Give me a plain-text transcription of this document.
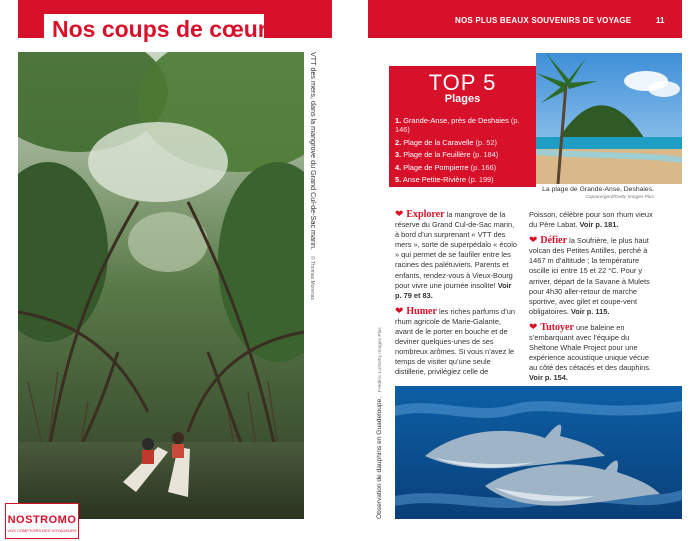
Nos coups de cœur
VTT des mers, dans la mangrove du Grand Cul-de-Sac marin. © Thomas Morenas
NOS PLUS BEAUX SOUVENIRS DE VOYAGE	11
TOP 5
Plages
1. Grande-Anse, près de Deshaies (p. 146)
2. Plage de la Caravelle (p. 52)
3. Plage de la Feuillère (p. 184)
4. Plage de Pompierre (p. 166)
5. Anse Petite-Rivière (p. 199)
La plage de Grande-Anse, Deshaies.
Capture/gerd/Getty Images Plus

❤ Explorer la mangrove de la réserve du Grand Cul-de-Sac marin, à bord d’un surprenant « VTT des mers », sorte de superpédalo « écolo » qui permet de se faufiler entre les racines des palétuviers. Parents et enfants, rendez-vous à Vieux-Bourg pour vivre une journée insolite! Voir p. 79 et 83.

❤ Humer les riches parfums d’un rhum agricole de Marie-Galante, avant de le porter en bouche et de deviner quelques-unes de ses nombreux arômes. Si vous n’avez le temps de visiter qu’une seule distillerie, privilégiez celle de

Poisson, célèbre pour son rhum vieux du Père Labat. Voir p. 181.

❤ Défier la Soufrière, le plus haut volcan des Petites Antilles, perché à 1467 m d’altitude ; la température oscille ici entre 15 et 22 °C. Pour y arriver, départ de la Savane à Mulets pour 4h30 aller-retour de marche sportive, avec gilet et coupe-vent obligatoires. Voir p. 115.

❤ Tutoyer une baleine en s’embarquant avec l’équipe du Sheltone Whale Project pour une expérience acoustique unique vécue au côté des cétacés et des dauphins. Voir p. 154.

Observation de dauphins en Guadeloupe. Frédéric Lo/Getty Images Plus
NOSTROMO
VOS COMPTOIRS DES VOYAGEURS
